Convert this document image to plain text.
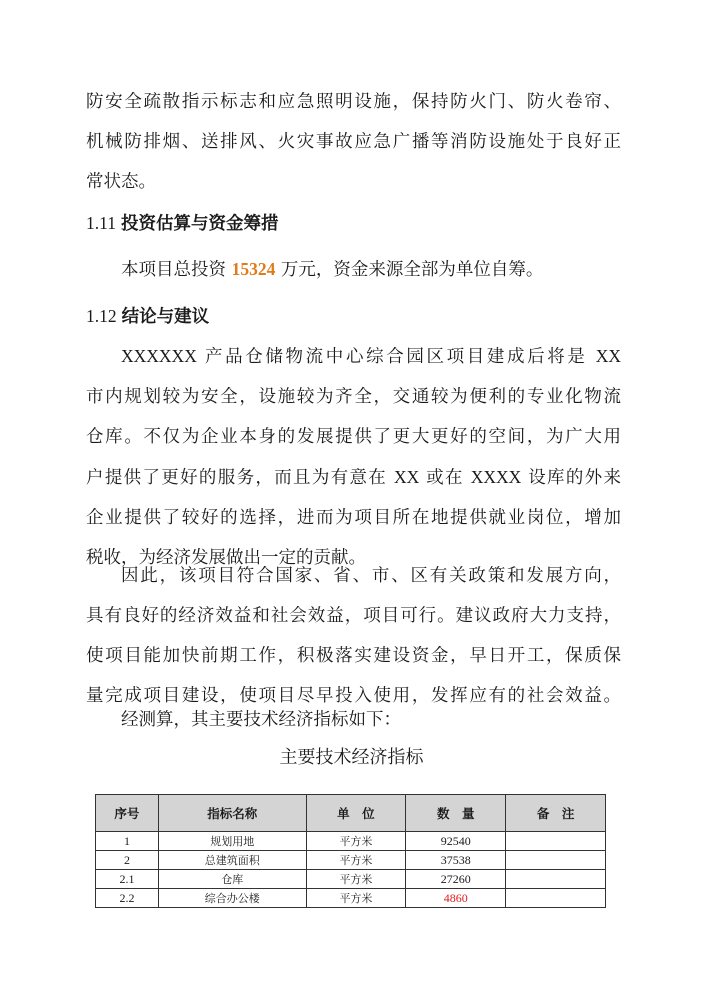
防安全疏散指示标志和应急照明设施，保持防火门、防火卷帘、
机械防排烟、送排风、火灾事故应急广播等消防设施处于良好正
常状态。
1.11 投资估算与资金筹措
本项目总投资 15324 万元，资金来源全部为单位自筹。
1.12 结论与建议
XXXXXX 产品仓储物流中心综合园区项目建成后将是 XX
市内规划较为安全，设施较为齐全，交通较为便利的专业化物流
仓库。不仅为企业本身的发展提供了更大更好的空间，为广大用
户提供了更好的服务，而且为有意在 XX 或在 XXXX 设库的外来
企业提供了较好的选择，进而为项目所在地提供就业岗位，增加
税收，为经济发展做出一定的贡献。
因此，该项目符合国家、省、市、区有关政策和发展方向，
具有良好的经济效益和社会效益，项目可行。建议政府大力支持，
使项目能加快前期工作，积极落实建设资金，早日开工，保质保
量完成项目建设，使项目尽早投入使用，发挥应有的社会效益。
经测算，其主要技术经济指标如下：
主要技术经济指标
序号	指标名称	单　位	数　量	备　注
1	规划用地	平方米	92540	
2	总建筑面积	平方米	37538	
2.1	仓库	平方米	27260	
2.2	综合办公楼	平方米	4860	
